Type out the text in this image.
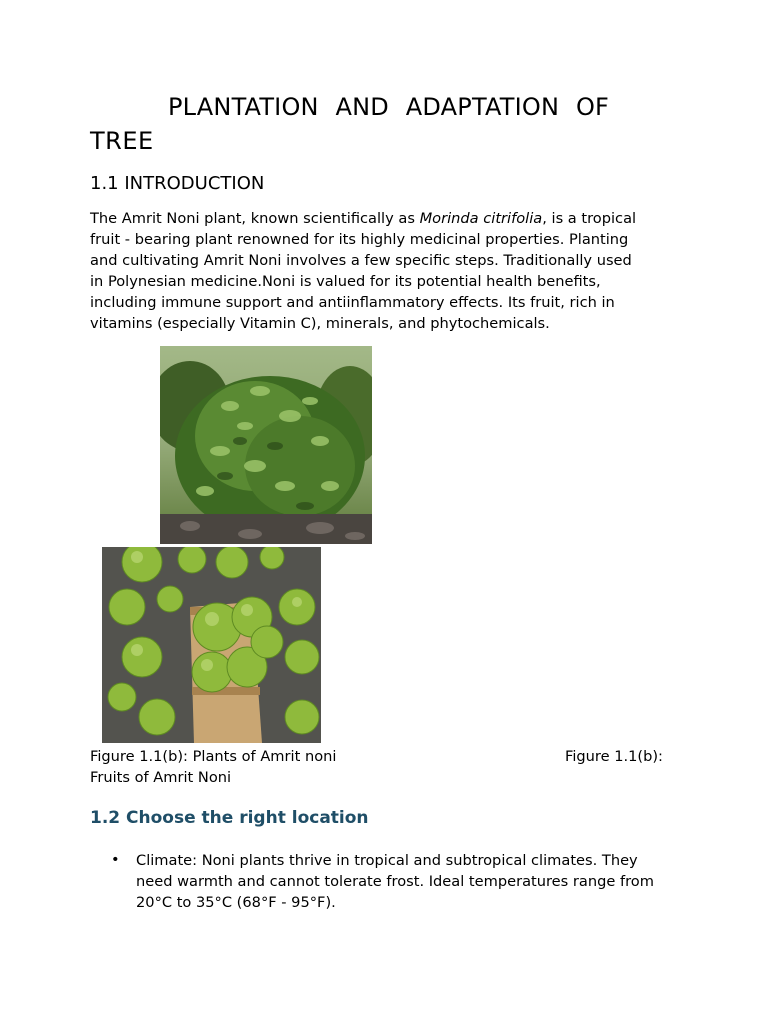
PLANTATION AND ADAPTATION OF
TREE
1.1 INTRODUCTION

The Amrit Noni plant, known scientifically as Morinda citrifolia, is a tropical

fruit - bearing plant renowned for its highly medicinal properties. Planting

and cultivating Amrit Noni involves a few specific steps. Traditionally used

in Polynesian medicine.Noni is valued for its potential health benefits,

including immune support and antiinflammatory effects. Its fruit, rich in

vitamins (especially Vitamin C), minerals, and phytochemicals.

Figure 1.1(b): Plants of Amrit noni	Figure 1.1(b):
Fruits of Amrit Noni
1.2 Choose the right location
• Climate: Noni plants thrive in tropical and subtropical climates. They

need warmth and cannot tolerate frost. Ideal temperatures range from

20°C to 35°C (68°F - 95°F).
